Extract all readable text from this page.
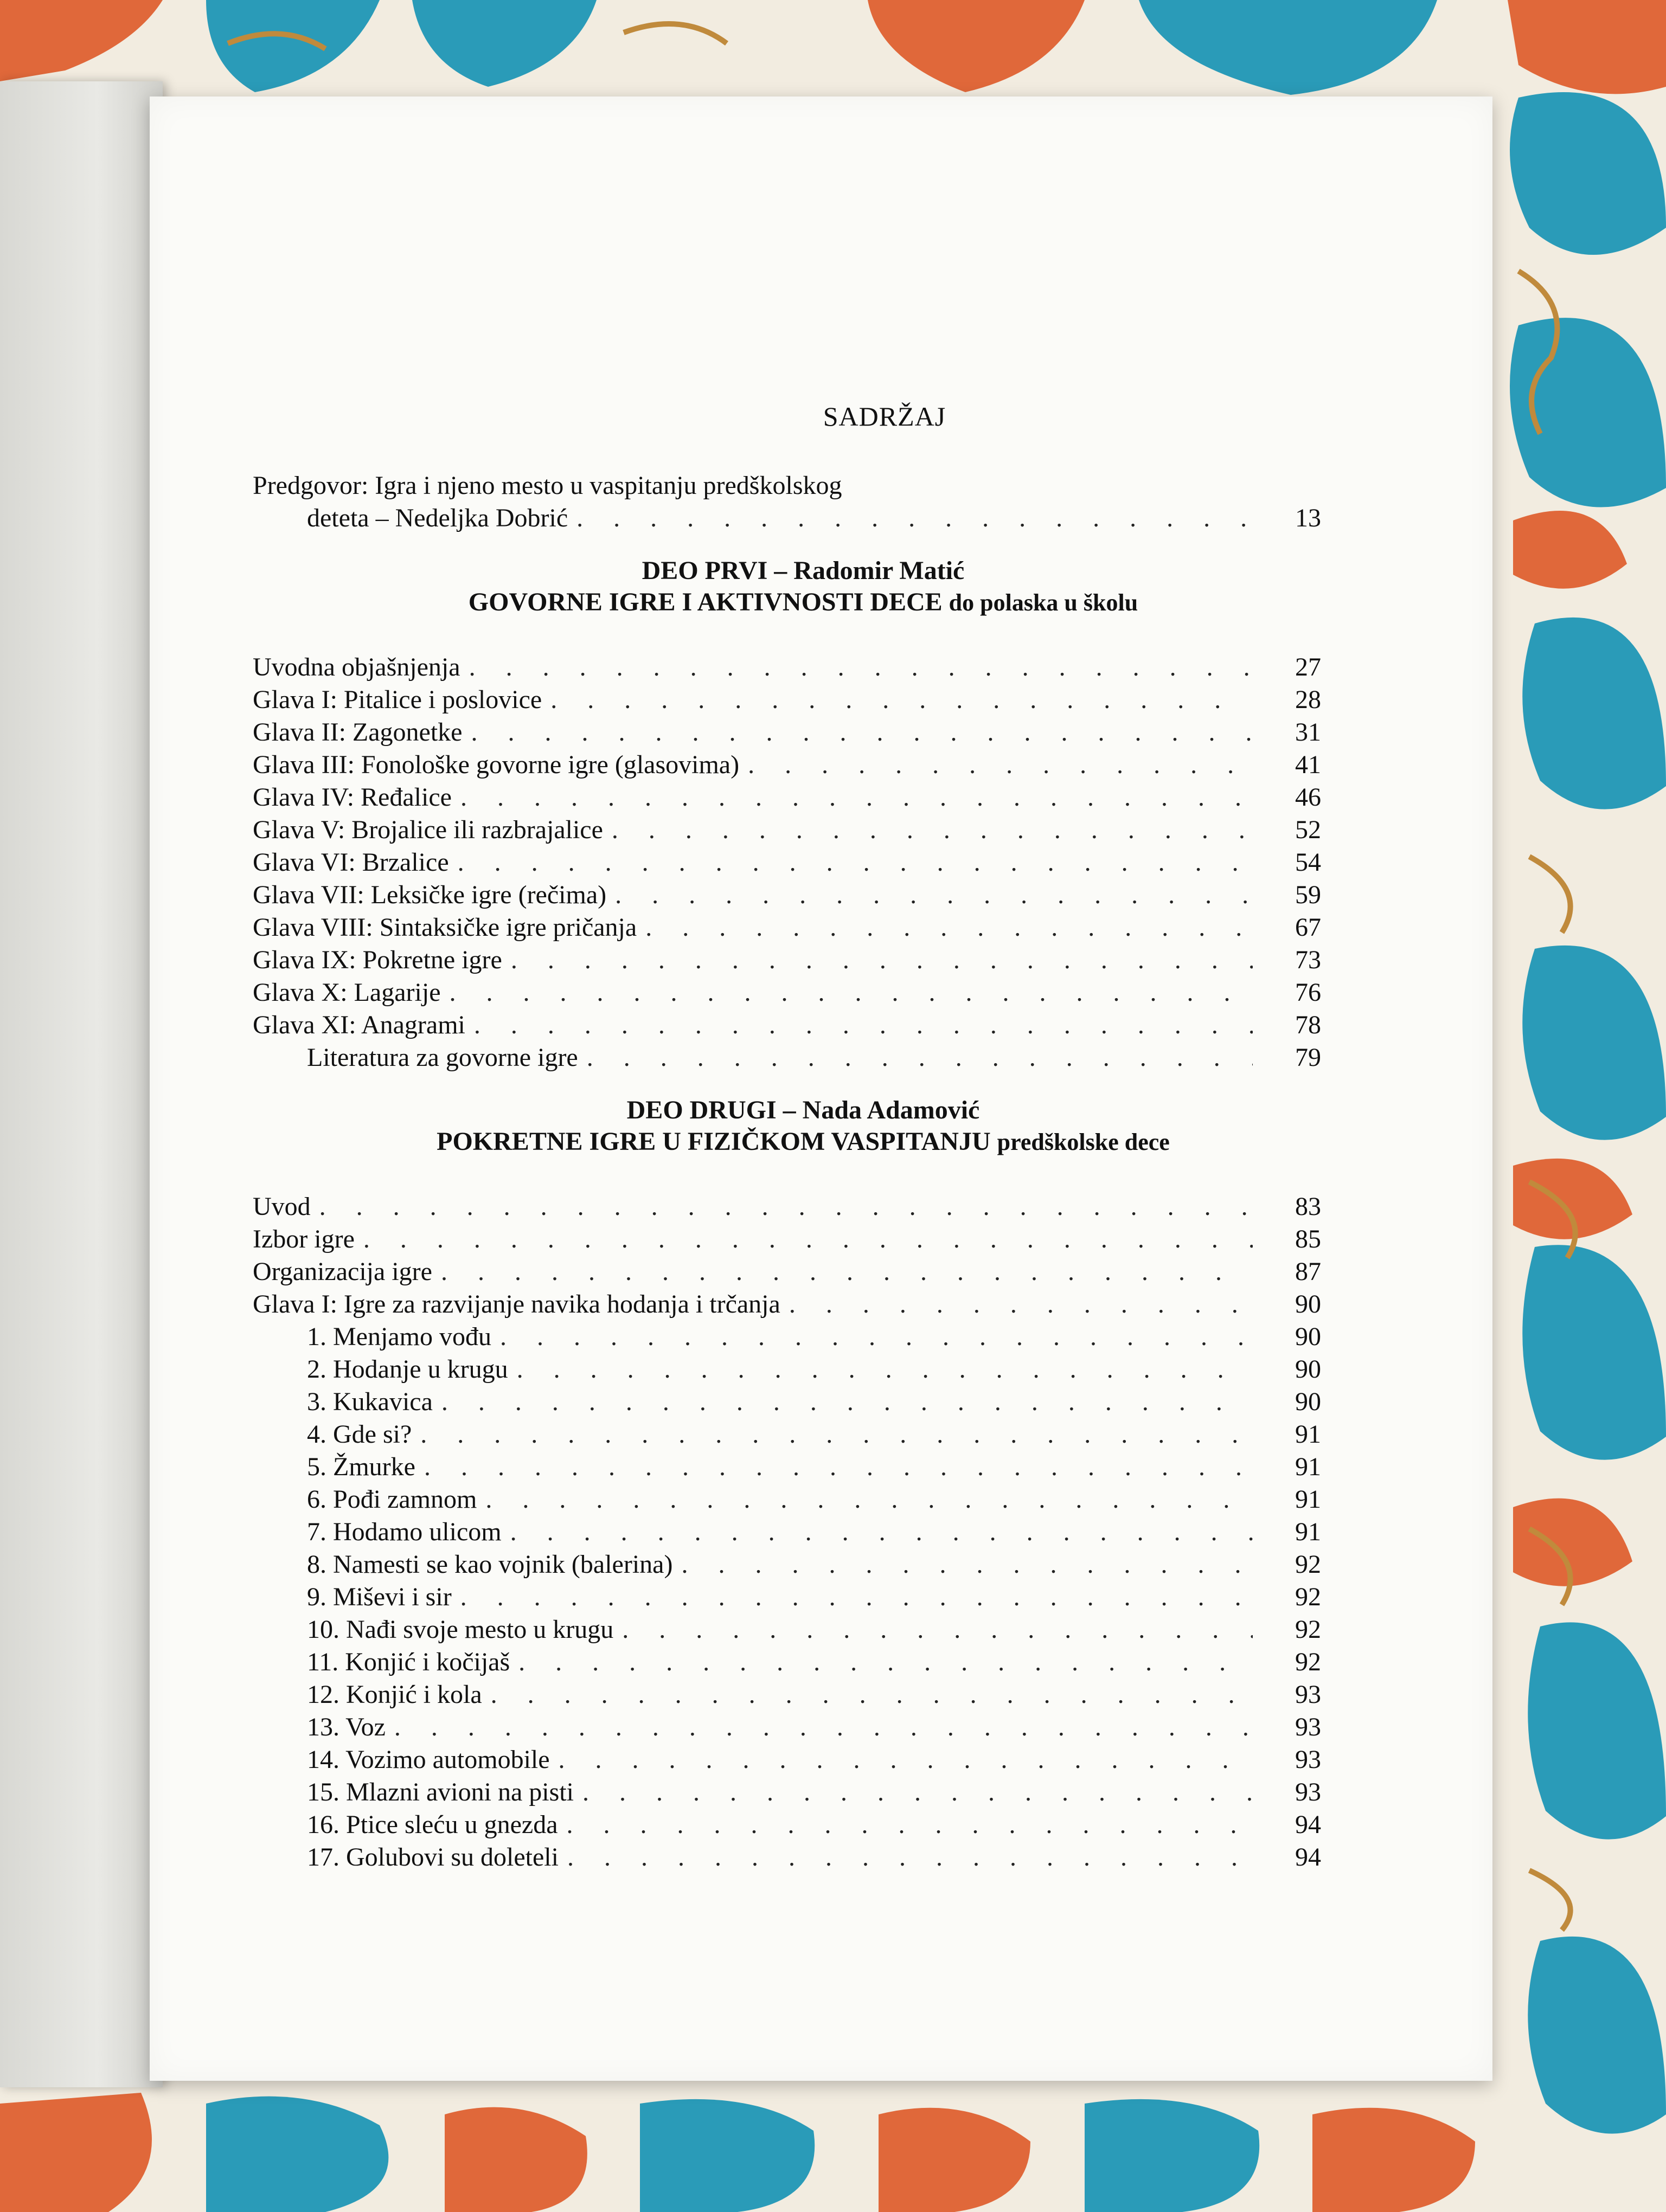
SADRŽAJ
Predgovor: Igra i njeno mesto u vaspitanju predškolskog
deteta – Nedeljka Dobrić . . .	13
DEO PRVI – Radomir Matić
GOVORNE IGRE I AKTIVNOSTI DECE do polaska u školu
Uvodna objašnjenja . . .	27
Glava I: Pitalice i poslovice . . .	28
Glava II: Zagonetke . . .	31
Glava III: Fonološke govorne igre (glasovima) . . .	41
Glava IV: Ređalice . . .	46
Glava V: Brojalice ili razbrajalice . . .	52
Glava VI: Brzalice . . .	54
Glava VII: Leksičke igre (rečima) . . .	59
Glava VIII: Sintaksičke igre pričanja . . .	67
Glava IX: Pokretne igre . . .	73
Glava X: Lagarije . . .	76
Glava XI: Anagrami . . .	78
Literatura za govorne igre . . .	79
DEO DRUGI – Nada Adamović
POKRETNE IGRE U FIZIČKOM VASPITANJU predškolske dece
Uvod . . .	83
Izbor igre . . .	85
Organizacija igre . . .	87
Glava I: Igre za razvijanje navika hodanja i trčanja . . .	90
1. Menjamo vođu . . .	90
2. Hodanje u krugu . . .	90
3. Kukavica . . .	90
4. Gde si? . . .	91
5. Žmurke . . .	91
6. Pođi zamnom . . .	91
7. Hodamo ulicom . . .	91
8. Namesti se kao vojnik (balerina) . . .	92
9. Miševi i sir . . .	92
10. Nađi svoje mesto u krugu . . .	92
11. Konjić i kočijaš . . .	92
12. Konjić i kola . . .	93
13. Voz . . .	93
14. Vozimo automobile . . .	93
15. Mlazni avioni na pisti . . .	93
16. Ptice sleću u gnezda . . .	94
17. Golubovi su doleteli . . .	94
